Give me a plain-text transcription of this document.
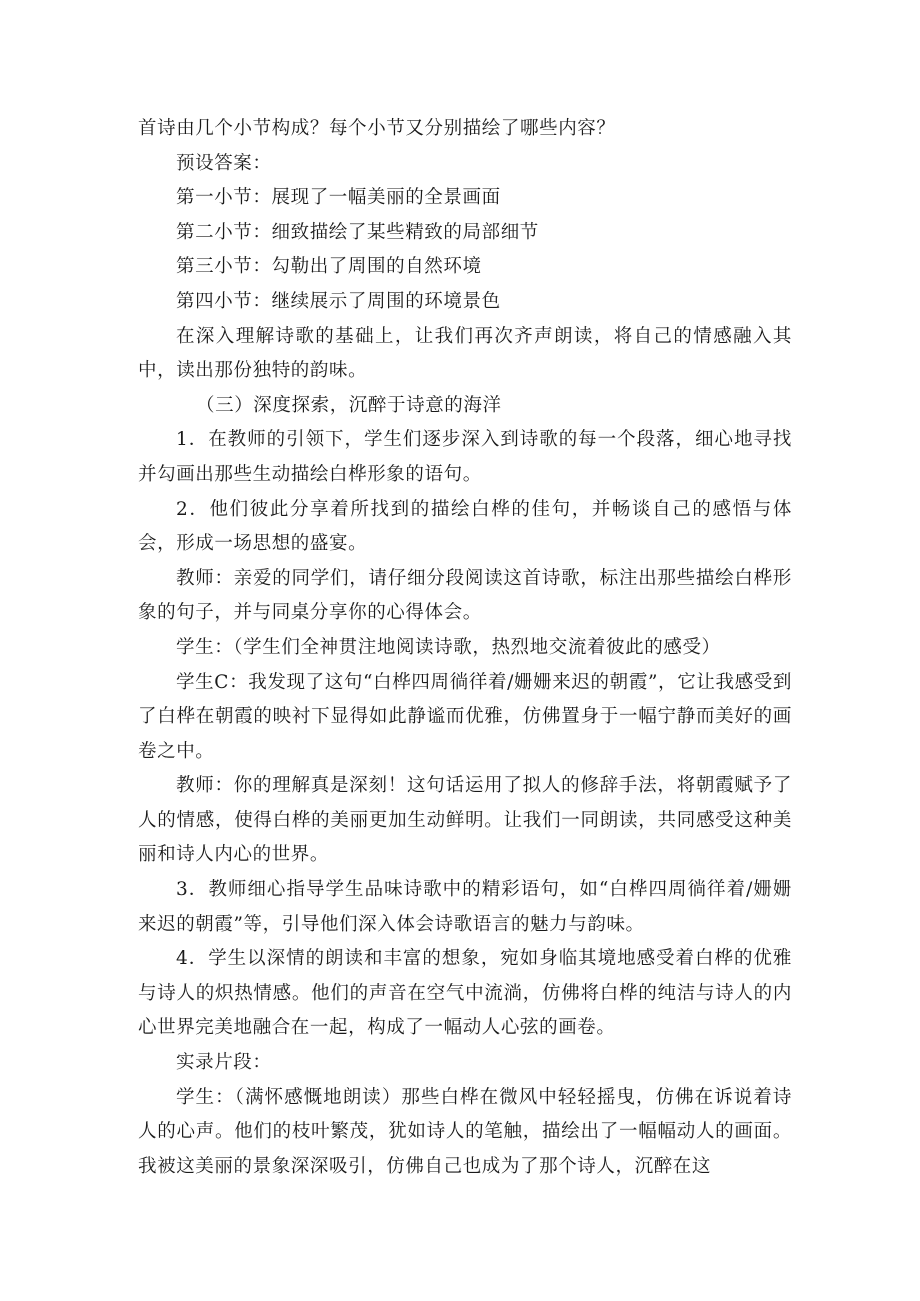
首诗由几个小节构成？每个小节又分别描绘了哪些内容？

预设答案：

第一小节：展现了一幅美丽的全景画面

第二小节：细致描绘了某些精致的局部细节

第三小节：勾勒出了周围的自然环境

第四小节：继续展示了周围的环境景色

在深入理解诗歌的基础上，让我们再次齐声朗读，将自己的情感融入其中，读出那份独特的韵味。

（三）深度探索，沉醉于诗意的海洋

1．在教师的引领下，学生们逐步深入到诗歌的每一个段落，细心地寻找并勾画出那些生动描绘白桦形象的语句。

2．他们彼此分享着所找到的描绘白桦的佳句，并畅谈自己的感悟与体会，形成一场思想的盛宴。

教师：亲爱的同学们，请仔细分段阅读这首诗歌，标注出那些描绘白桦形象的句子，并与同桌分享你的心得体会。

学生：（学生们全神贯注地阅读诗歌，热烈地交流着彼此的感受）

学生C：我发现了这句“白桦四周徜徉着/姗姗来迟的朝霞”，它让我感受到了白桦在朝霞的映衬下显得如此静谧而优雅，仿佛置身于一幅宁静而美好的画卷之中。

教师：你的理解真是深刻！这句话运用了拟人的修辞手法，将朝霞赋予了人的情感，使得白桦的美丽更加生动鲜明。让我们一同朗读，共同感受这种美丽和诗人内心的世界。

3．教师细心指导学生品味诗歌中的精彩语句，如“白桦四周徜徉着/姗姗来迟的朝霞”等，引导他们深入体会诗歌语言的魅力与韵味。

4．学生以深情的朗读和丰富的想象，宛如身临其境地感受着白桦的优雅与诗人的炽热情感。他们的声音在空气中流淌，仿佛将白桦的纯洁与诗人的内心世界完美地融合在一起，构成了一幅动人心弦的画卷。

实录片段：

学生：（满怀感慨地朗读）那些白桦在微风中轻轻摇曳，仿佛在诉说着诗人的心声。他们的枝叶繁茂，犹如诗人的笔触，描绘出了一幅幅动人的画面。我被这美丽的景象深深吸引，仿佛自己也成为了那个诗人，沉醉在这
